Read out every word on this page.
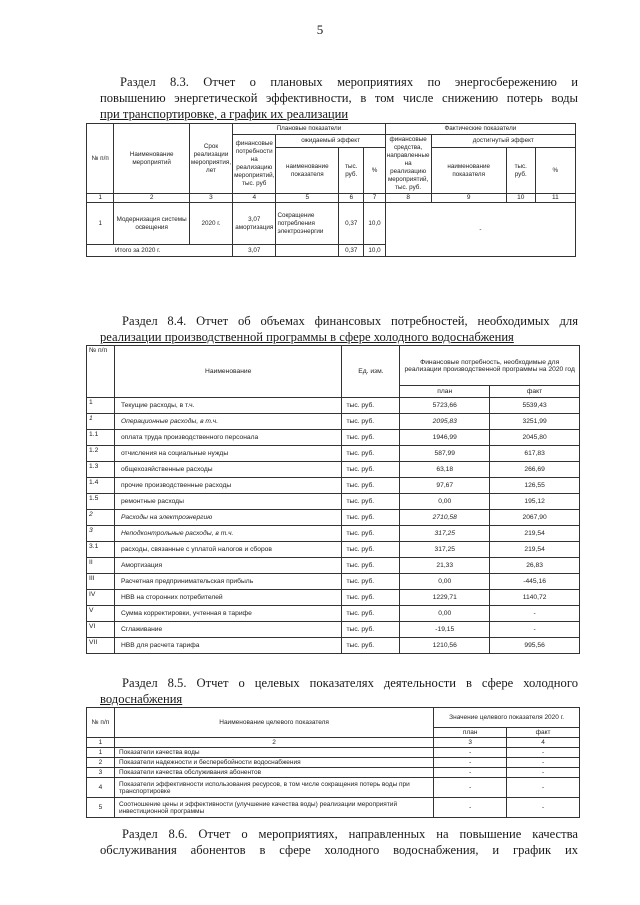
5
Раздел 8.3. Отчет о плановых мероприятиях по энергосбережению и
повышению энергетической эффективности, в том числе снижению потерь воды
при транспортировке, а график их реализации
№ п/п	Наименование мероприятий	Срок реализации мероприятия, лет	Плановые показатели				Фактические показатели			
			финансовые потребности на реализацию мероприятий, тыс. руб	ожидаемый эффект			финансовые средства, направленные на реализацию мероприятий, тыс. руб.	достигнутый эффект		
				наименование показателя	тыс. руб.	%		наименование показателя	тыс. руб.	%
1	2	3	4	5	6	7	8	9	10	11
1	Модернизация системы освещения	2020 г.	3,07 амортизация	Сокращение потребления электроэнергии	0,37	10,0	-			
	Итого за 2020 г.		3,07		0,37	10,0				
Раздел 8.4. Отчет об объемах финансовых потребностей, необходимых для
реализации производственной программы в сфере холодного водоснабжения
№ п/п	Наименование	Ед. изм.	Финансовые потребность, необходимые для реализации производственной программы на 2020 год	
			план	факт
1	Текущие расходы, в т.ч.	тыс. руб.	5723,66	5539,43
1	Операционные расходы, в т.ч.	тыс. руб.	2095,83	3251,99
1.1	оплата труда производственного персонала	тыс. руб.	1946,99	2045,80
1.2	отчисления на социальные нужды	тыс. руб.	587,99	617,83
1.3	общехозяйственные расходы	тыс. руб.	63,18	266,69
1.4	прочие производственные расходы	тыс. руб.	97,67	126,55
1.5	ремонтные расходы	тыс. руб.	0,00	195,12
2	Расходы на электроэнергию	тыс. руб.	2710,58	2067,90
3	Неподконтрольные расходы, в т.ч.	тыс. руб.	317,25	219,54
3.1	расходы, связанные с уплатой налогов и сборов	тыс. руб.	317,25	219,54
II	Амортизация	тыс. руб.	21,33	26,83
III	Расчетная предпринимательская прибыль	тыс. руб.	0,00	-445,16
IV	НВВ на сторонних потребителей	тыс. руб.	1229,71	1140,72
V	Сумма корректировки, учтенная в тарифе	тыс. руб.	0,00	-
VI	Сглаживание	тыс. руб.	-19,15	-
VII	НВВ для расчета тарифа	тыс. руб.	1210,56	995,56
Раздел 8.5. Отчет о целевых показателях деятельности в сфере холодного
водоснабжения
№ п/п	Наименование целевого показателя	Значение целевого показателя 2020 г.	
		план	факт
1	2	3	4
1	Показатели качества воды	-	-
2	Показатели надежности и бесперебойности водоснабжения	-	-
3	Показатели качества обслуживания абонентов	-	-
4	Показатели эффективности использования ресурсов, в том числе сокращения потерь воды при транспортировке	-	-
5	Соотношение цены и эффективности (улучшение качества воды) реализации мероприятий инвестиционной программы	-	-
Раздел 8.6. Отчет о мероприятиях, направленных на повышение качества
обслуживания абонентов в сфере холодного водоснабжения, и график их
